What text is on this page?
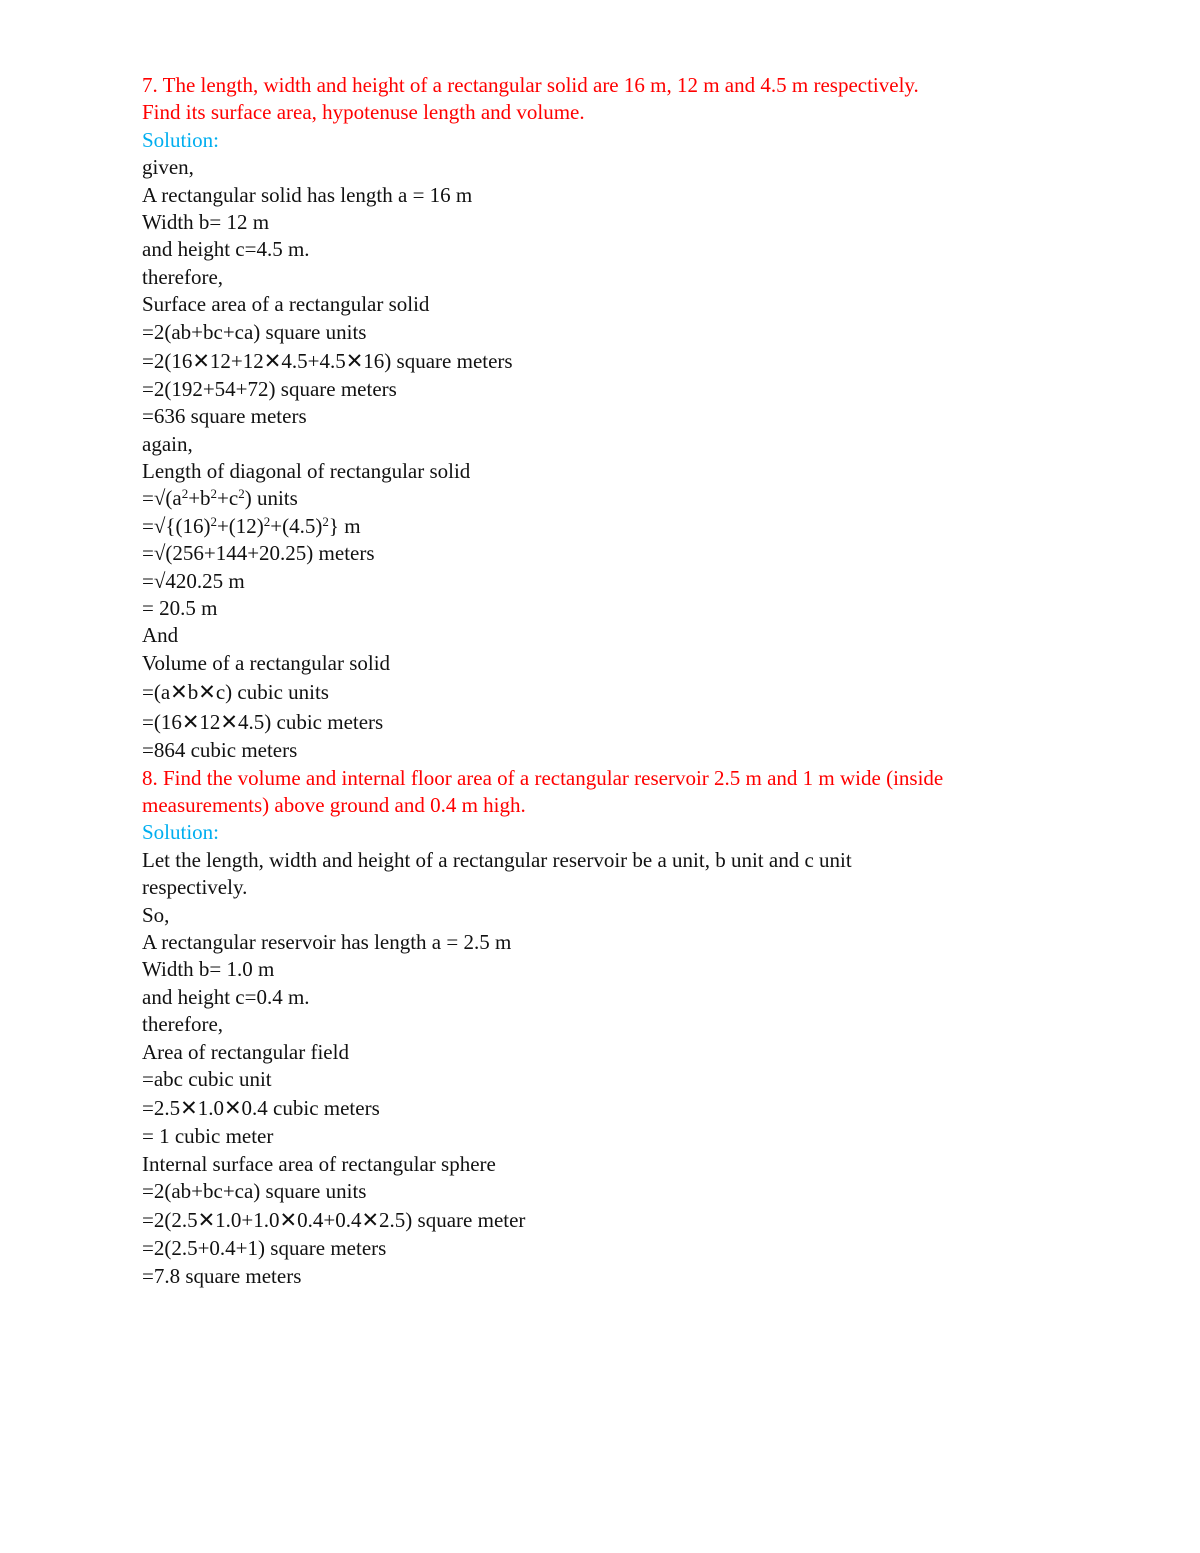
7. The length, width and height of a rectangular solid are 16 m, 12 m and 4.5 m respectively.
Find its surface area, hypotenuse length and volume.
Solution:
given,
A rectangular solid has length a = 16 m
Width b= 12 m
and height c=4.5 m.
therefore,
Surface area of a rectangular solid
=2(ab+bc+ca) square units
=2(16✕12+12✕4.5+4.5✕16) square meters
=2(192+54+72) square meters
=636 square meters
again,
Length of diagonal of rectangular solid
$=√(a^2+b^2+c^2)$ units
$=√\{(16)^2+(12)^2+(4.5)^2\}$ m
=√(256+144+20.25) meters
=√420.25 m
= 20.5 m
And
Volume of a rectangular solid
=(a✕b✕c) cubic units
=(16✕12✕4.5) cubic meters
=864 cubic meters
8. Find the volume and internal floor area of a rectangular reservoir 2.5 m and 1 m wide (inside
measurements) above ground and 0.4 m high.
Solution:
Let the length, width and height of a rectangular reservoir be a unit, b unit and c unit
respectively.
So,
A rectangular reservoir has length a = 2.5 m
Width b= 1.0 m
and height c=0.4 m.
therefore,
Area of rectangular field
=abc cubic unit
=2.5✕1.0✕0.4 cubic meters
= 1 cubic meter
Internal surface area of rectangular sphere
=2(ab+bc+ca) square units
=2(2.5✕1.0+1.0✕0.4+0.4✕2.5) square meter
=2(2.5+0.4+1) square meters
=7.8 square meters
